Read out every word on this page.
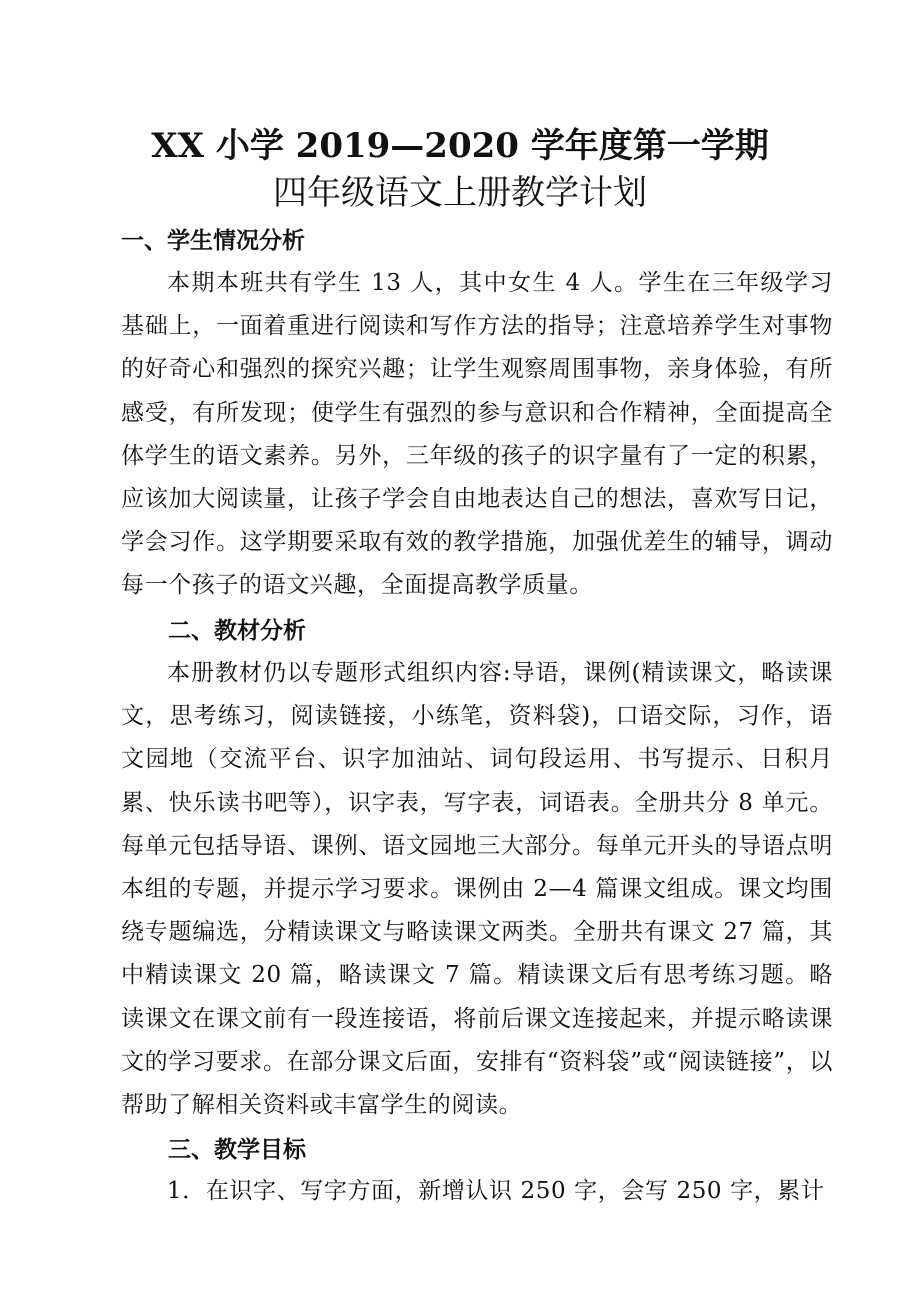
XX 小学 2019—2020 学年度第一学期
四年级语文上册教学计划
一、学生情况分析
本期本班共有学生 13 人，其中女生 4 人。学生在三年级学习基础上，一面着重进行阅读和写作方法的指导；注意培养学生对事物的好奇心和强烈的探究兴趣；让学生观察周围事物，亲身体验，有所感受，有所发现；使学生有强烈的参与意识和合作精神，全面提高全体学生的语文素养。另外，三年级的孩子的识字量有了一定的积累，应该加大阅读量，让孩子学会自由地表达自己的想法，喜欢写日记，学会习作。这学期要采取有效的教学措施，加强优差生的辅导，调动每一个孩子的语文兴趣，全面提高教学质量。
二、教材分析
本册教材仍以专题形式组织内容:导语，课例(精读课文，略读课文，思考练习，阅读链接，小练笔，资料袋)，口语交际，习作，语文园地（交流平台、识字加油站、词句段运用、书写提示、日积月累、快乐读书吧等），识字表，写字表，词语表。全册共分 8 单元。每单元包括导语、课例、语文园地三大部分。每单元开头的导语点明本组的专题，并提示学习要求。课例由 2—4 篇课文组成。课文均围绕专题编选，分精读课文与略读课文两类。全册共有课文 27 篇，其中精读课文 20 篇，略读课文 7 篇。精读课文后有思考练习题。略读课文在课文前有一段连接语，将前后课文连接起来，并提示略读课文的学习要求。在部分课文后面，安排有“资料袋”或“阅读链接”，以帮助了解相关资料或丰富学生的阅读。
三、教学目标
1．在识字、写字方面，新增认识 250 字，会写 250 字，累计
